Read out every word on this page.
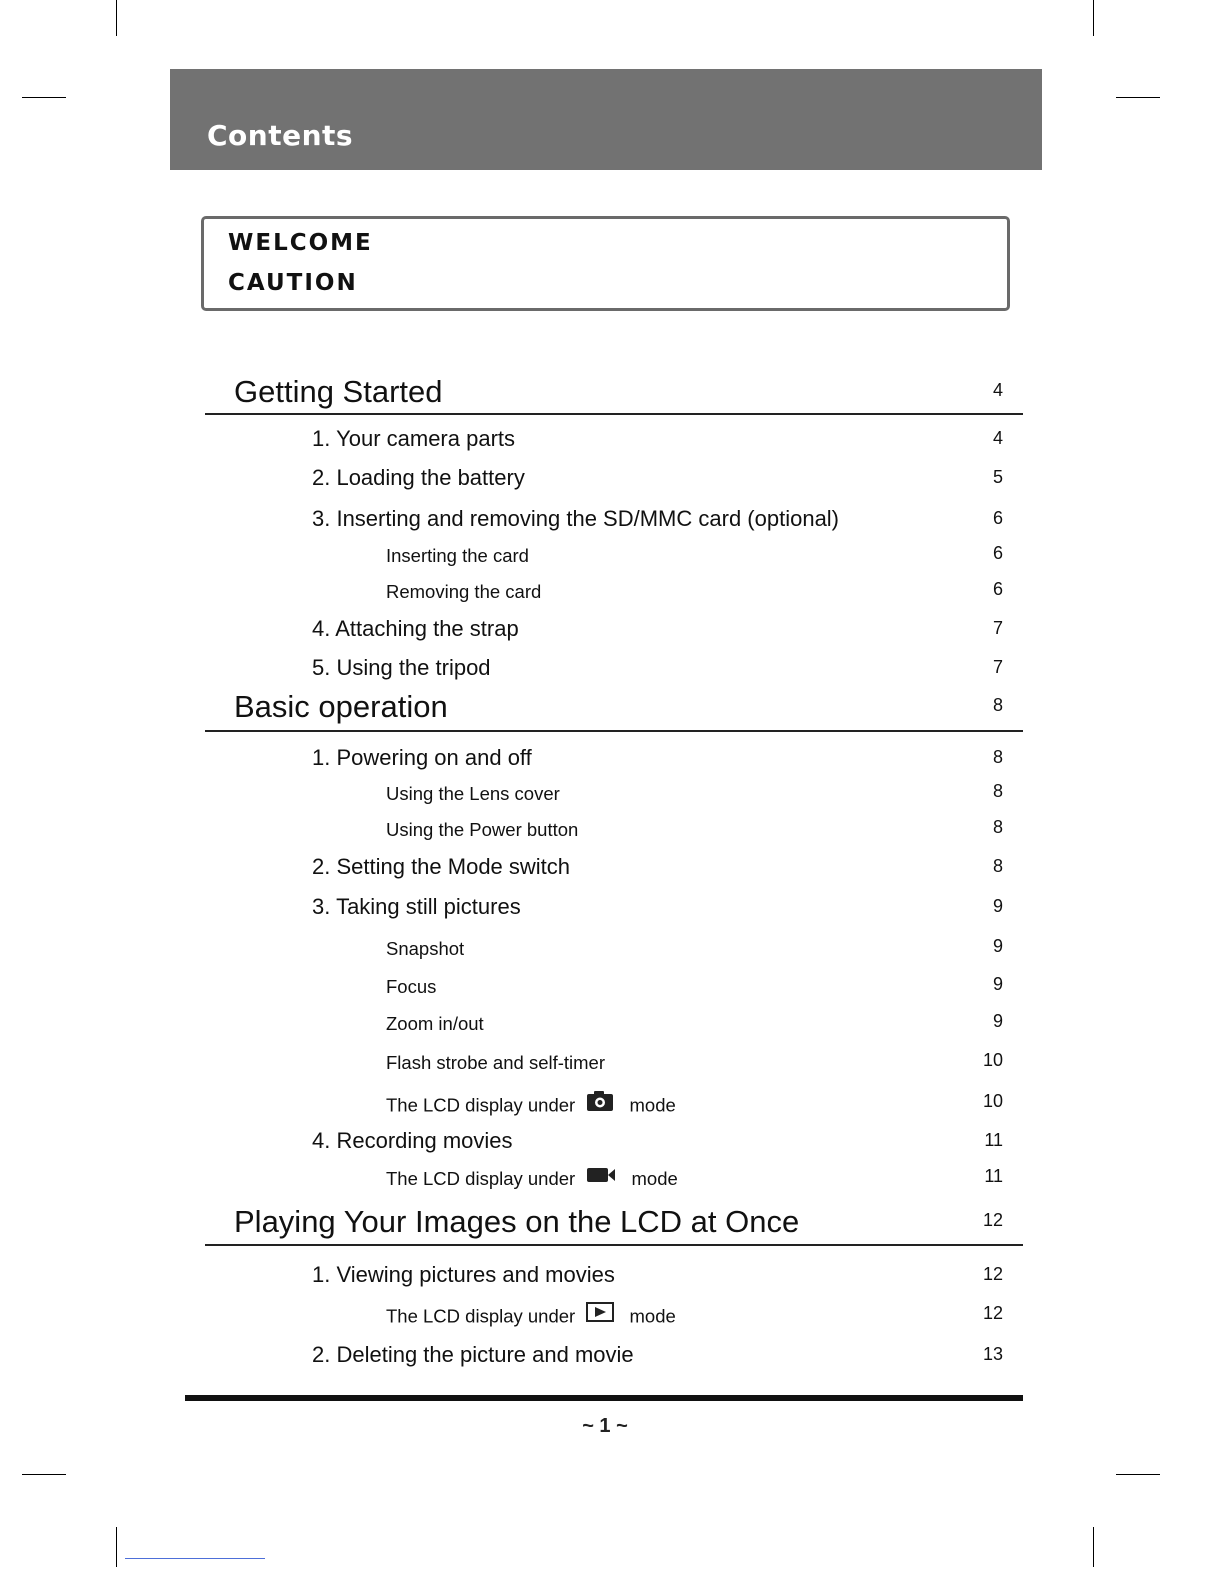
Contents
WELCOME
CAUTION
Getting Started	4
1. Your camera parts	4
2. Loading the battery	5
3. Inserting and removing the SD/MMC card (optional)	6
Inserting the card	6
Removing the card	6
4. Attaching the strap	7
5. Using the tripod	7
Basic operation	8
1. Powering on and off	8
Using the Lens cover	8
Using the Power button	8
2. Setting the Mode switch	8
3. Taking still pictures	9
Snapshot	9
Focus	9
Zoom in/out	9
Flash strobe and self-timer	10
The LCD display under	mode	10
4. Recording movies	11
The LCD display under	mode	11
Playing Your Images on the LCD at Once	12
1. Viewing pictures and movies	12
The LCD display under	mode	12
2. Deleting the picture and movie	13
~ 1 ~
